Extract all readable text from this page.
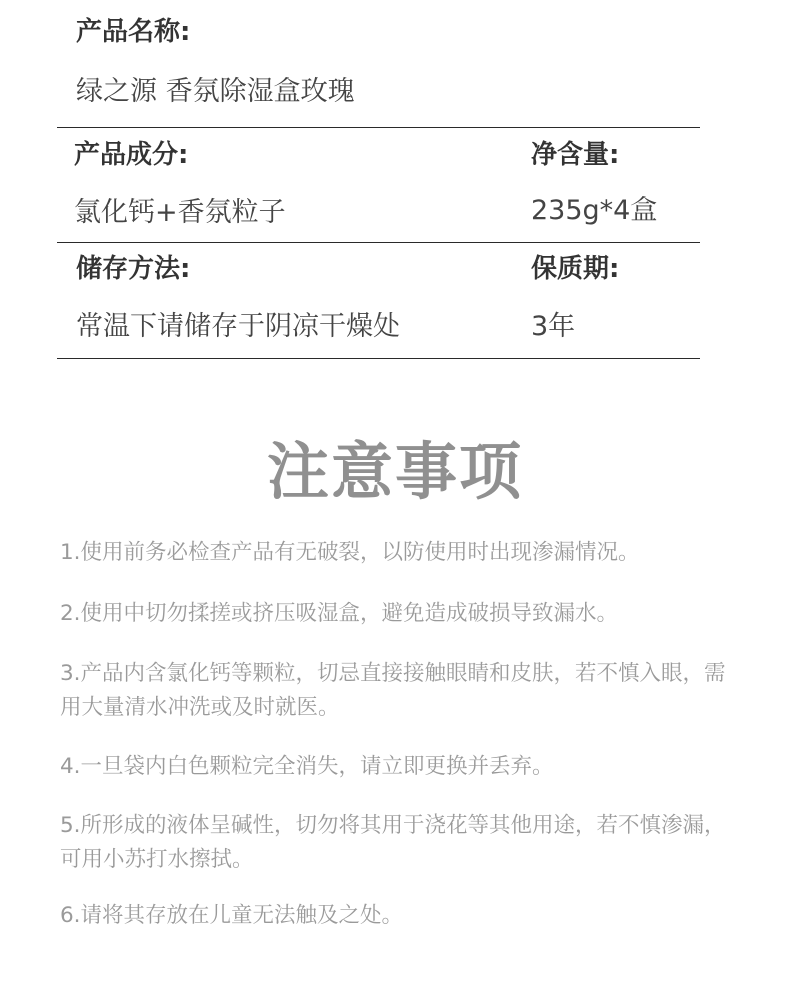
产品名称:
绿之源 香氛除湿盒玫瑰
产品成分:	净含量:
氯化钙+香氛粒子	235g*4盒
储存方法:	保质期:
常温下请储存于阴凉干燥处	3年
注意事项
1.使用前务必检查产品有无破裂，以防使用时出现渗漏情况。
2.使用中切勿揉搓或挤压吸湿盒，避免造成破损导致漏水。
3.产品内含氯化钙等颗粒，切忌直接接触眼睛和皮肤，若不慎入眼，需用大量清水冲洗或及时就医。
4.一旦袋内白色颗粒完全消失，请立即更换并丢弃。
5.所形成的液体呈碱性，切勿将其用于浇花等其他用途，若不慎渗漏，可用小苏打水擦拭。
6.请将其存放在儿童无法触及之处。
